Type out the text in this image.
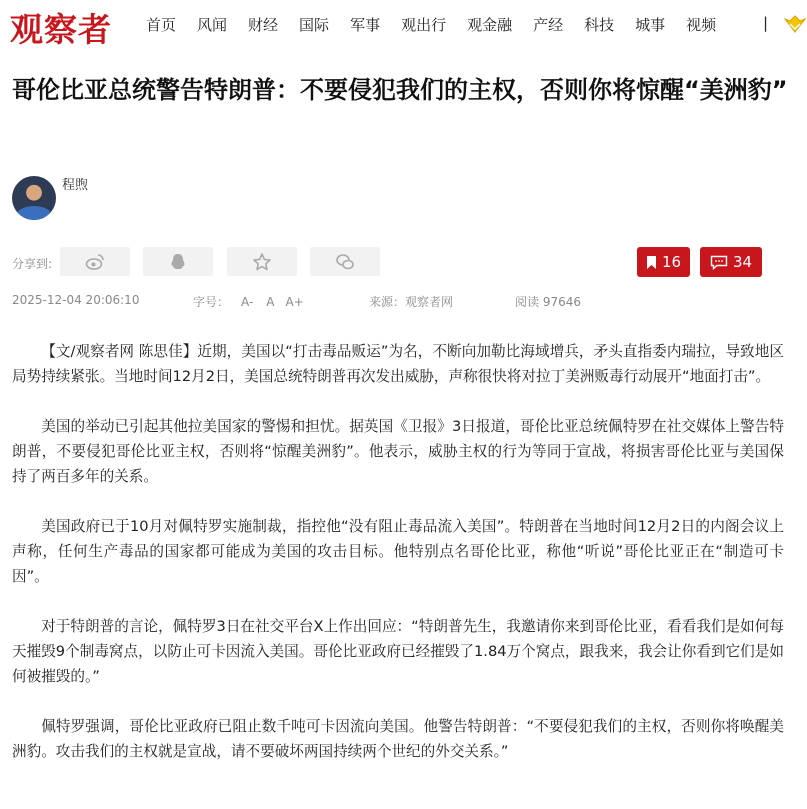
观察者 首页 风闻 财经 国际 军事 观出行 观金融 产经 科技 城事 视频	|
哥伦比亚总统警告特朗普：不要侵犯我们的主权，否则你将惊醒“美洲豹”
程煦
分享到:	16	34
2025-12-04 20:06:10	字号： A- A A+	来源：观察者网	阅读 97646

【文/观察者网 陈思佳】近期，美国以“打击毒品贩运”为名，不断向加勒比海域增兵，矛头直指委内瑞拉，导致地区局势持续紧张。当地时间12月2日，美国总统特朗普再次发出威胁，声称很快将对拉丁美洲贩毒行动展开“地面打击”。

美国的举动已引起其他拉美国家的警惕和担忧。据英国《卫报》3日报道，哥伦比亚总统佩特罗在社交媒体上警告特朗普，不要侵犯哥伦比亚主权，否则将“惊醒美洲豹”。他表示，威胁主权的行为等同于宣战，将损害哥伦比亚与美国保持了两百多年的关系。

美国政府已于10月对佩特罗实施制裁，指控他“没有阻止毒品流入美国”。特朗普在当地时间12月2日的内阁会议上声称，任何生产毒品的国家都可能成为美国的攻击目标。他特别点名哥伦比亚，称他“听说”哥伦比亚正在“制造可卡因”。

对于特朗普的言论，佩特罗3日在社交平台X上作出回应：“特朗普先生，我邀请你来到哥伦比亚，看看我们是如何每天摧毁9个制毒窝点，以防止可卡因流入美国。哥伦比亚政府已经摧毁了1.84万个窝点，跟我来，我会让你看到它们是如何被摧毁的。”

佩特罗强调，哥伦比亚政府已阻止数千吨可卡因流向美国。他警告特朗普：“不要侵犯我们的主权，否则你将唤醒美洲豹。攻击我们的主权就是宣战，请不要破坏两国持续两个世纪的外交关系。”
